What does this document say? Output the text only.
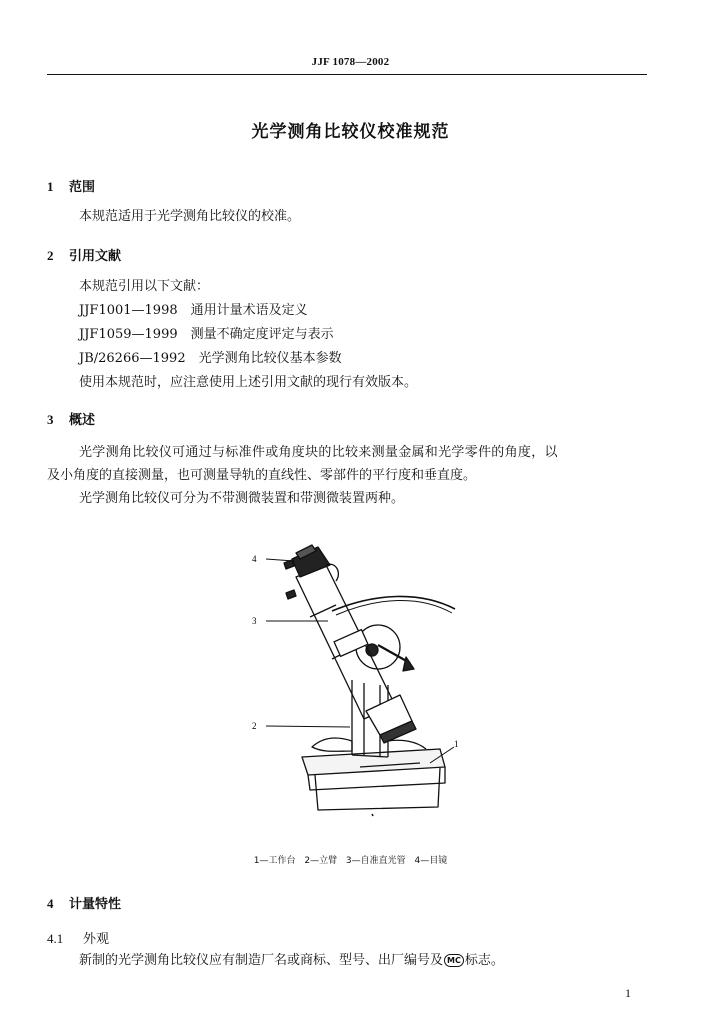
JJF 1078—2002
光学测角比较仪校准规范
1 范围
本规范适用于光学测角比较仪的校准。
2 引用文献
本规范引用以下文献：
JJF1001—1998　通用计量术语及定义
JJF1059—1999　测量不确定度评定与表示
JB/26266—1992　光学测角比较仪基本参数
使用本规范时，应注意使用上述引用文献的现行有效版本。
3 概述
光学测角比较仪可通过与标准件或角度块的比较来测量金属和光学零件的角度，以
及小角度的直接测量，也可测量导轨的直线性、零部件的平行度和垂直度。
光学测角比较仪可分为不带测微装置和带测微装置两种。
4
3
2
1
1—工作台 2—立臂 3—自准直光管 4—目镜
4 计量特性
4.1 外观
新制的光学测角比较仪应有制造厂名或商标、型号、出厂编号及 MC 标志。
1
